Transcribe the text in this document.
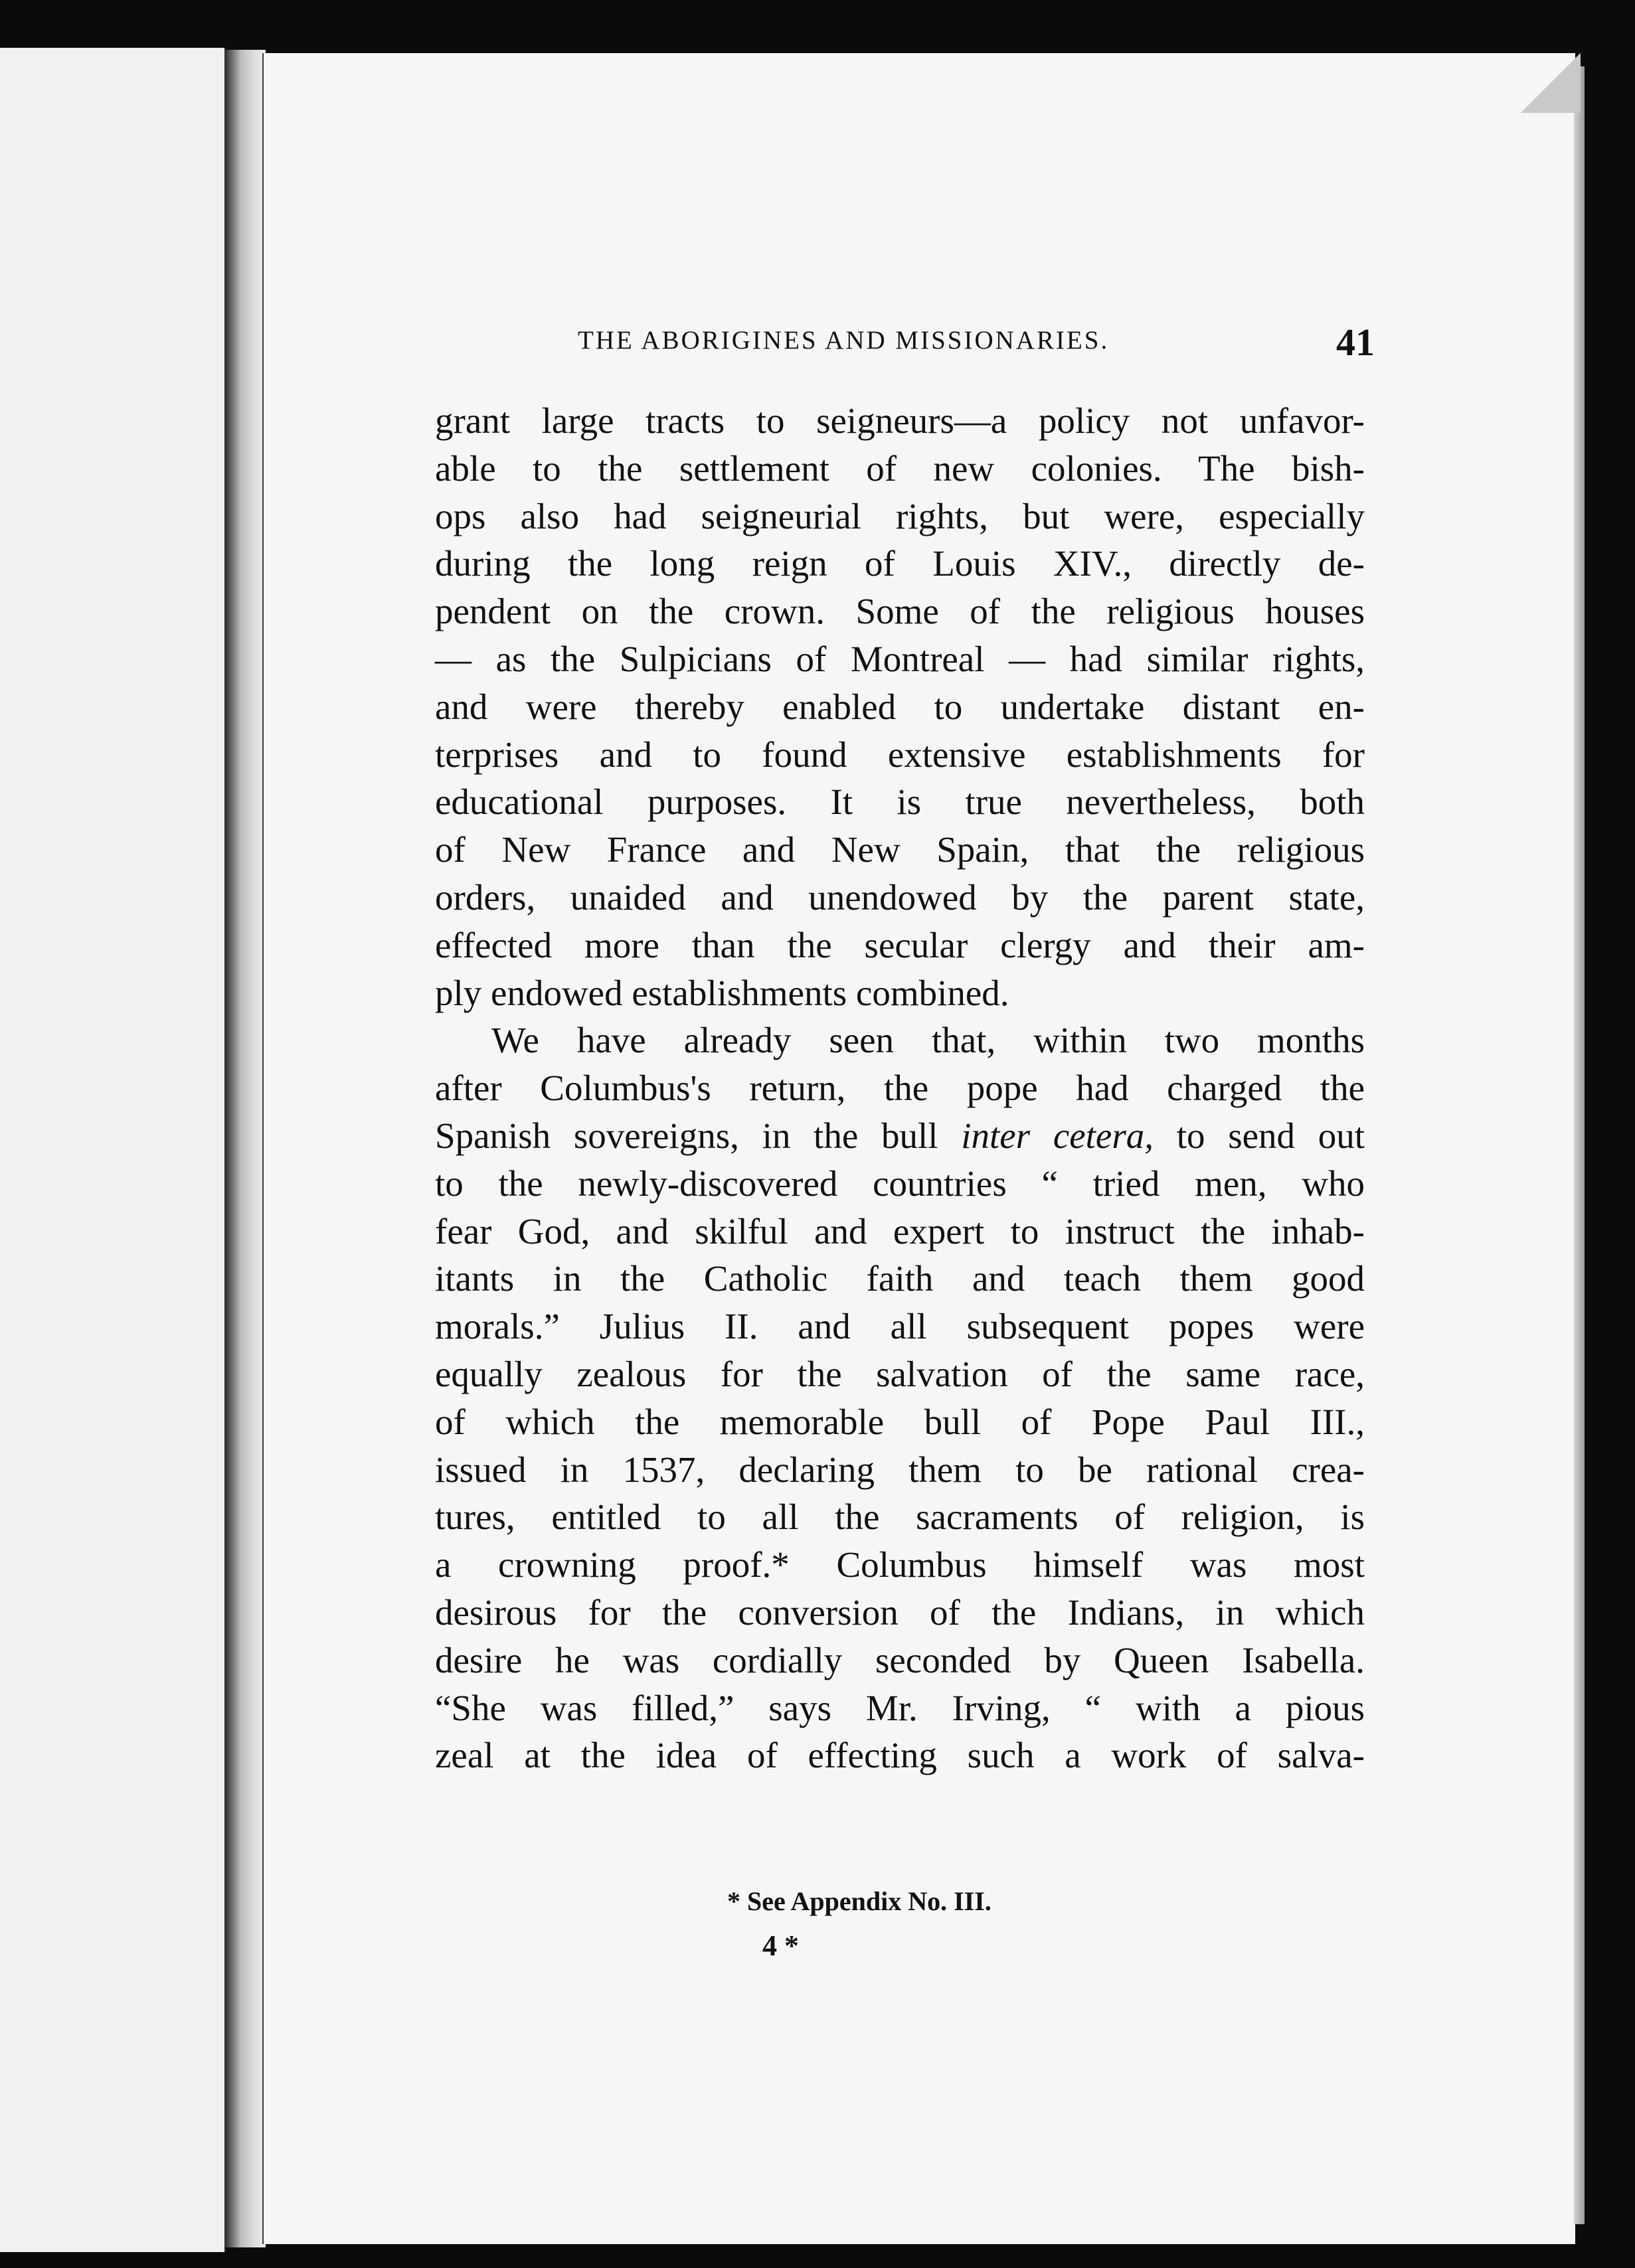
THE ABORIGINES AND MISSIONARIES.	41
grant large tracts to seigneurs—a policy not unfavor-
able to the settlement of new colonies. The bish-
ops also had seigneurial rights, but were, especially
during the long reign of Louis XIV., directly de-
pendent on the crown. Some of the religious houses
— as the Sulpicians of Montreal — had similar rights,
and were thereby enabled to undertake distant en-
terprises and to found extensive establishments for
educational purposes. It is true nevertheless, both
of New France and New Spain, that the religious
orders, unaided and unendowed by the parent state,
effected more than the secular clergy and their am-
ply endowed establishments combined.
We have already seen that, within two months
after Columbus's return, the pope had charged the
Spanish sovereigns, in the bull inter cetera, to send out
to the newly-discovered countries “ tried men, who
fear God, and skilful and expert to instruct the inhab-
itants in the Catholic faith and teach them good
morals.” Julius II. and all subsequent popes were
equally zealous for the salvation of the same race,
of which the memorable bull of Pope Paul III.,
issued in 1537, declaring them to be rational crea-
tures, entitled to all the sacraments of religion, is
a crowning proof.* Columbus himself was most
desirous for the conversion of the Indians, in which
desire he was cordially seconded by Queen Isabella.
“She was filled,” says Mr. Irving, “ with a pious
zeal at the idea of effecting such a work of salva-
* See Appendix No. III.
4 *
